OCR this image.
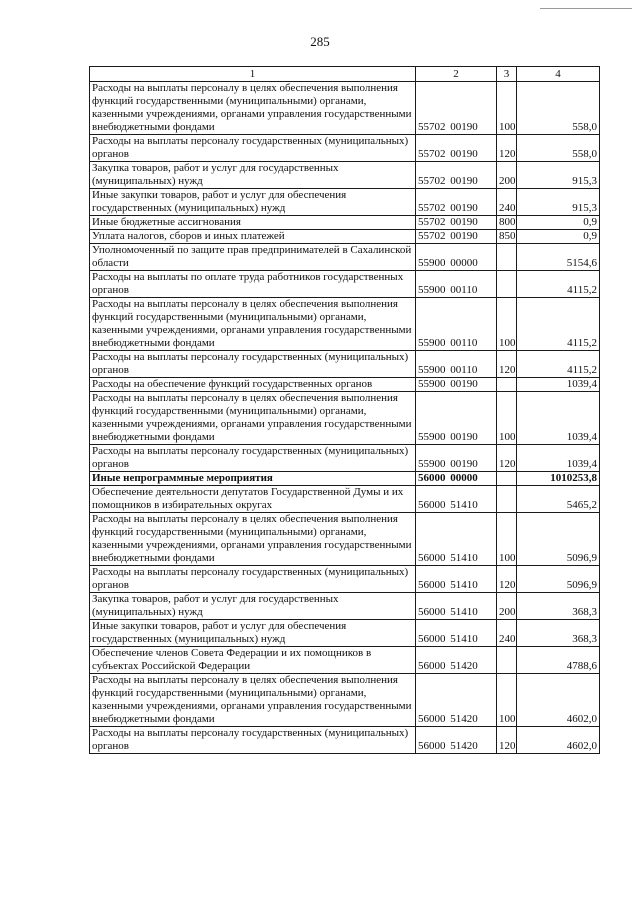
285
1	2	3	4
Расходы на выплаты персоналу в целях обеспечения выполнения функций государственными (муниципальными) органами, казенными учреждениями, органами управления государственными внебюджетными фондами	55702 00190	100	558,0
Расходы на выплаты персоналу государственных (муниципальных) органов	55702 00190	120	558,0
Закупка товаров, работ и услуг для государственных (муниципальных) нужд	55702 00190	200	915,3
Иные закупки товаров, работ и услуг для обеспечения государственных (муниципальных) нужд	55702 00190	240	915,3
Иные бюджетные ассигнования	55702 00190	800	0,9
Уплата налогов, сборов и иных платежей	55702 00190	850	0,9
Уполномоченный по защите прав предпринимателей в Сахалинской области	55900 00000		5154,6
Расходы на выплаты по оплате труда работников государственных органов	55900 00110		4115,2
Расходы на выплаты персоналу в целях обеспечения выполнения функций государственными (муниципальными) органами, казенными учреждениями, органами управления государственными внебюджетными фондами	55900 00110	100	4115,2
Расходы на выплаты персоналу государственных (муниципальных) органов	55900 00110	120	4115,2
Расходы на обеспечение функций государственных органов	55900 00190		1039,4
Расходы на выплаты персоналу в целях обеспечения выполнения функций государственными (муниципальными) органами, казенными учреждениями, органами управления государственными внебюджетными фондами	55900 00190	100	1039,4
Расходы на выплаты персоналу государственных (муниципальных) органов	55900 00190	120	1039,4
Иные непрограммные мероприятия	56000 00000		1010253,8
Обеспечение деятельности депутатов Государственной Думы и их помощников в избирательных округах	56000 51410		5465,2
Расходы на выплаты персоналу в целях обеспечения выполнения функций государственными (муниципальными) органами, казенными учреждениями, органами управления государственными внебюджетными фондами	56000 51410	100	5096,9
Расходы на выплаты персоналу государственных (муниципальных) органов	56000 51410	120	5096,9
Закупка товаров, работ и услуг для государственных (муниципальных) нужд	56000 51410	200	368,3
Иные закупки товаров, работ и услуг для обеспечения государственных (муниципальных) нужд	56000 51410	240	368,3
Обеспечение членов Совета Федерации и их помощников в субъектах Российской Федерации	56000 51420		4788,6
Расходы на выплаты персоналу в целях обеспечения выполнения функций государственными (муниципальными) органами, казенными учреждениями, органами управления государственными внебюджетными фондами	56000 51420	100	4602,0
Расходы на выплаты персоналу государственных (муниципальных) органов	56000 51420	120	4602,0
